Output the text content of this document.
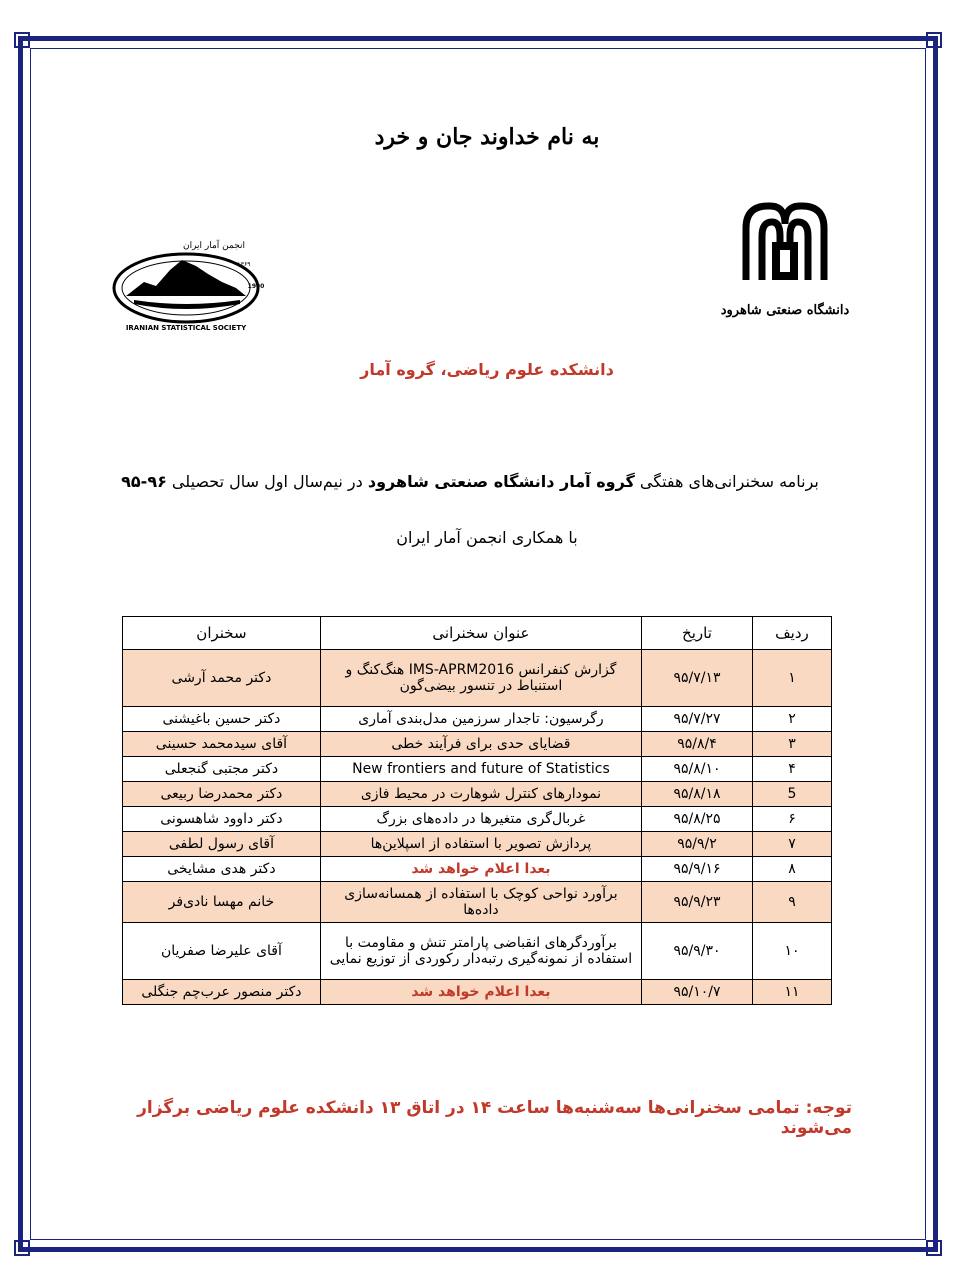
به نام خداوند جان و خرد
انجمن آمار ایران
IRANIAN STATISTICAL SOCIETY
1990
۱۳۶۹
دانشگاه صنعتی شاهرود
دانشکده علوم ریاضی، گروه آمار
برنامه سخنرانی‌های هفتگی گروه آمار دانشگاه صنعتی شاهرود در نیم‌سال اول سال تحصیلی ۹۶-۹۵
با همکاری انجمن آمار ایران
ردیف	تاریخ	عنوان سخنرانی	سخنران
۱	۹۵/۷/۱۳	گزارش کنفرانس IMS-APRM2016 هنگ‌کنگ و استنباط در تنسور بیضی‌گون	دکتر محمد آرشی
۲	۹۵/۷/۲۷	رگرسیون: تاجدار سرزمین مدل‌بندی آماری	دکتر حسین باغیشنی
۳	۹۵/۸/۴	قضایای حدی برای فرآیند خطی	آقای سیدمحمد حسینی
۴	۹۵/۸/۱۰	New frontiers and future of Statistics	دکتر مجتبی گنجعلی
5	۹۵/۸/۱۸	نمودارهای کنترل شوهارت در محیط فازی	دکتر محمدرضا ربیعی
۶	۹۵/۸/۲۵	غربال‌گری متغیرها در داده‌های بزرگ	دکتر داوود شاهسونی
۷	۹۵/۹/۲	پردازش تصویر با استفاده از اسپلاین‌ها	آقای رسول لطفی
۸	۹۵/۹/۱۶	بعدا اعلام خواهد شد	دکتر هدی مشایخی
۹	۹۵/۹/۲۳	برآورد نواحی کوچک با استفاده از همسانه‌سازی داده‌ها	خانم مهسا نادی‌فر
۱۰	۹۵/۹/۳۰	برآوردگرهای انقباضی پارامتر تنش و مقاومت با استفاده از نمونه‌گیری رتبه‌دار رکوردی از توزیع نمایی	آقای علیرضا صفریان
۱۱	۹۵/۱۰/۷	بعدا اعلام خواهد شد	دکتر منصور عرب‌چم جنگلی
توجه: تمامی سخنرانی‌ها سه‌شنبه‌ها ساعت ۱۴ در اتاق ۱۳ دانشکده علوم ریاضی برگزار می‌شوند
